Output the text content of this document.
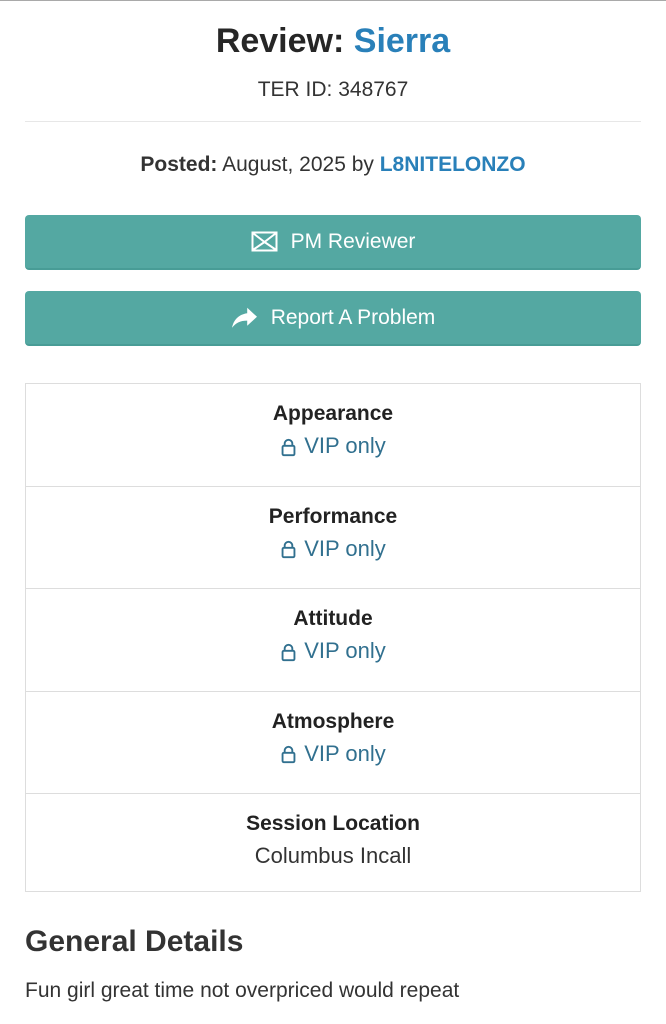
Review: Sierra
TER ID: 348767
Posted: August, 2025 by L8NITELONZO
PM Reviewer
Report A Problem
Appearance
VIP only
Performance
VIP only
Attitude
VIP only
Atmosphere
VIP only
Session Location
Columbus Incall
General Details

Fun girl great time not overpriced would repeat
